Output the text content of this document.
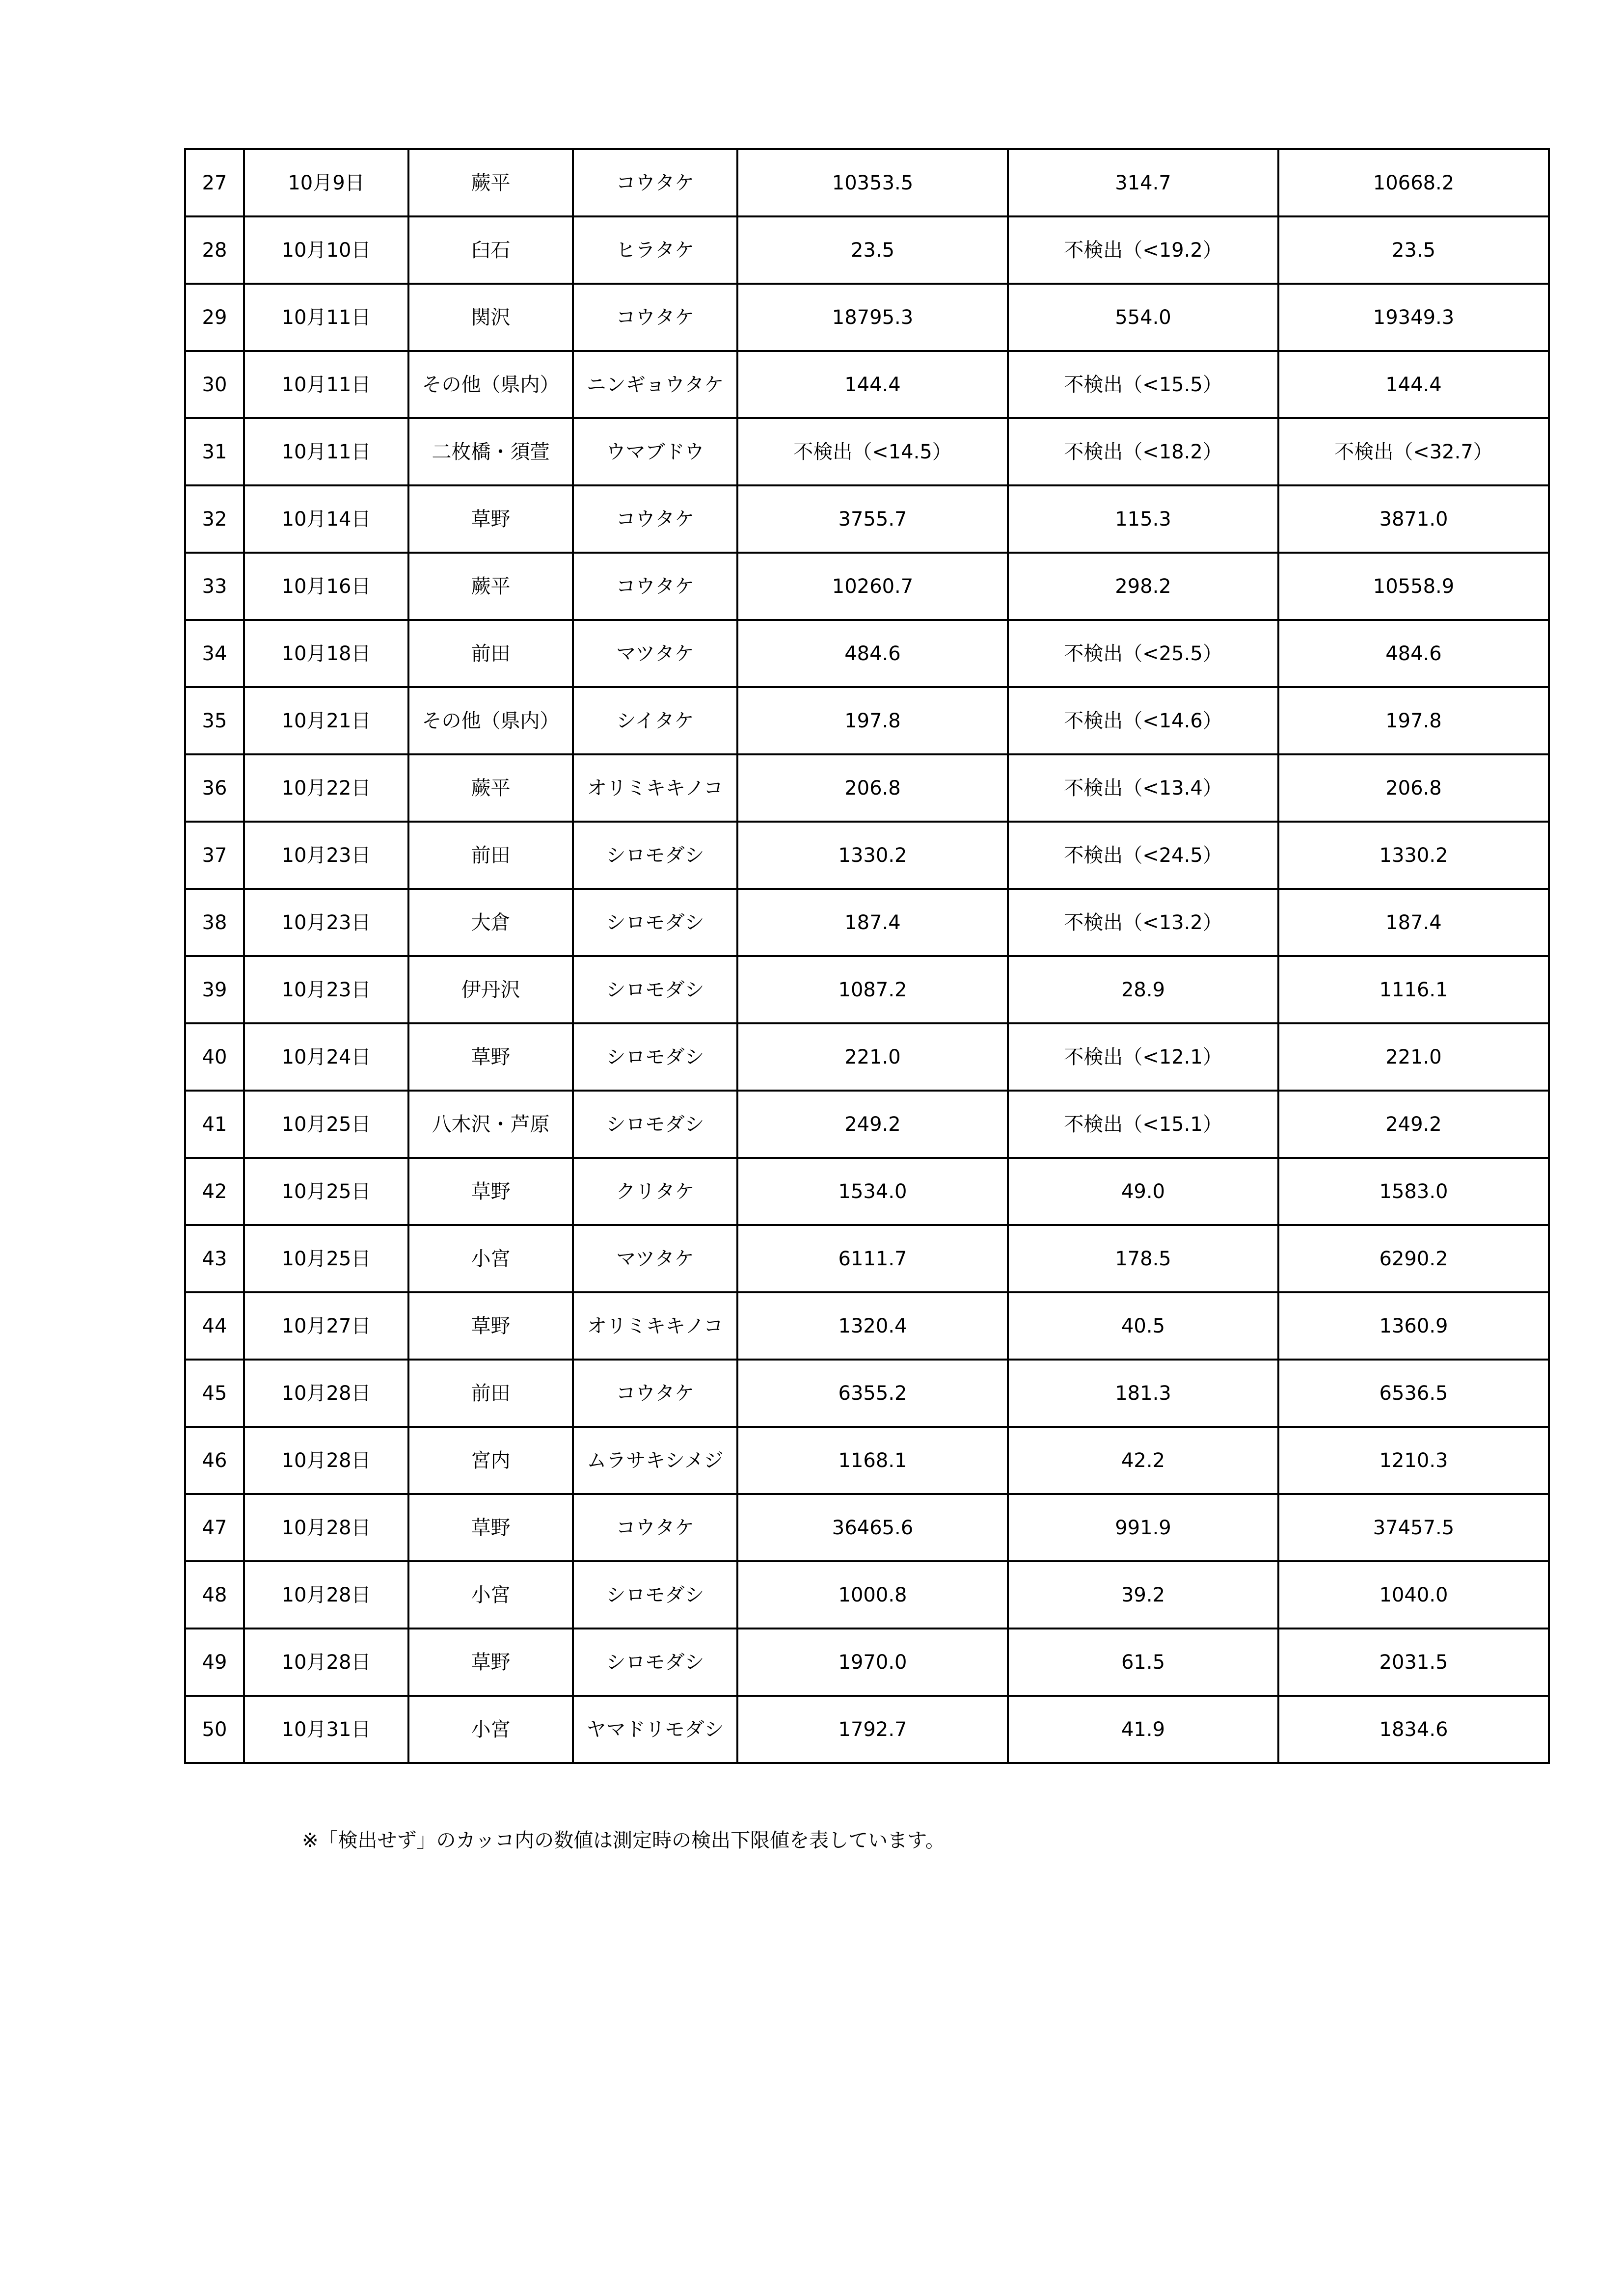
27	10月9日	蕨平	コウタケ	10353.5	314.7	10668.2
28	10月10日	臼石	ヒラタケ	23.5	不検出（<19.2）	23.5
29	10月11日	関沢	コウタケ	18795.3	554.0	19349.3
30	10月11日	その他（県内）	ニンギョウタケ	144.4	不検出（<15.5）	144.4
31	10月11日	二枚橋・須萱	ウマブドウ	不検出（<14.5）	不検出（<18.2）	不検出（<32.7）
32	10月14日	草野	コウタケ	3755.7	115.3	3871.0
33	10月16日	蕨平	コウタケ	10260.7	298.2	10558.9
34	10月18日	前田	マツタケ	484.6	不検出（<25.5）	484.6
35	10月21日	その他（県内）	シイタケ	197.8	不検出（<14.6）	197.8
36	10月22日	蕨平	オリミキキノコ	206.8	不検出（<13.4）	206.8
37	10月23日	前田	シロモダシ	1330.2	不検出（<24.5）	1330.2
38	10月23日	大倉	シロモダシ	187.4	不検出（<13.2）	187.4
39	10月23日	伊丹沢	シロモダシ	1087.2	28.9	1116.1
40	10月24日	草野	シロモダシ	221.0	不検出（<12.1）	221.0
41	10月25日	八木沢・芦原	シロモダシ	249.2	不検出（<15.1）	249.2
42	10月25日	草野	クリタケ	1534.0	49.0	1583.0
43	10月25日	小宮	マツタケ	6111.7	178.5	6290.2
44	10月27日	草野	オリミキキノコ	1320.4	40.5	1360.9
45	10月28日	前田	コウタケ	6355.2	181.3	6536.5
46	10月28日	宮内	ムラサキシメジ	1168.1	42.2	1210.3
47	10月28日	草野	コウタケ	36465.6	991.9	37457.5
48	10月28日	小宮	シロモダシ	1000.8	39.2	1040.0
49	10月28日	草野	シロモダシ	1970.0	61.5	2031.5
50	10月31日	小宮	ヤマドリモダシ	1792.7	41.9	1834.6
※「検出せず」のカッコ内の数値は測定時の検出下限値を表しています。
